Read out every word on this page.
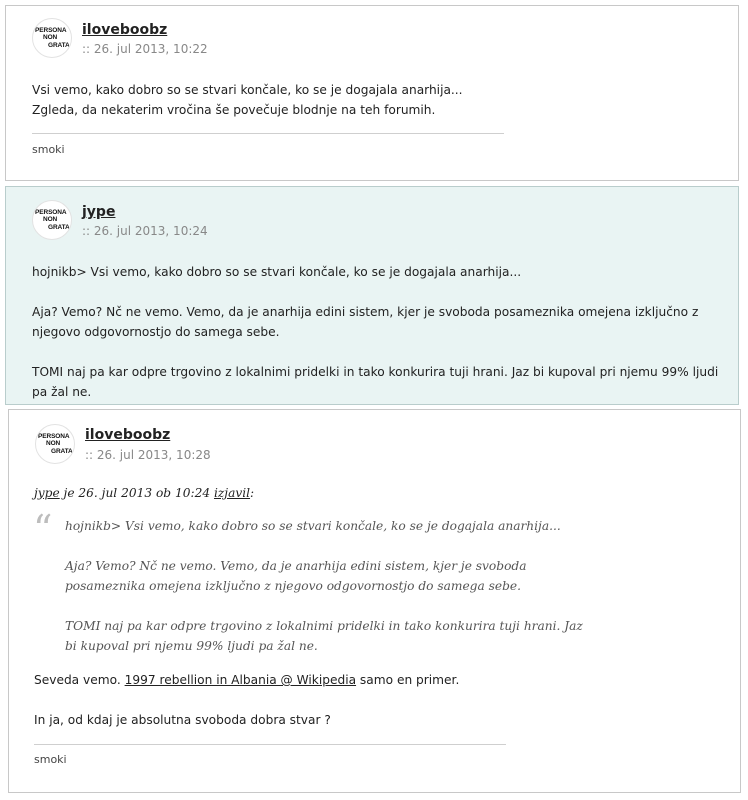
PERSONA
NON
GRATA
iloveboobz
:: 26. jul 2013, 10:22

Vsi vemo, kako dobro so se stvari končale, ko se je dogajala anarhija...

Zgleda, da nekaterim vročina še povečuje blodnje na teh forumih.

smoki
PERSONA
NON
GRATA
jype
:: 26. jul 2013, 10:24

hojnikb> Vsi vemo, kako dobro so se stvari končale, ko se je dogajala anarhija...

Aja? Vemo? Nč ne vemo. Vemo, da je anarhija edini sistem, kjer je svoboda posameznika omejena izključno z njegovo odgovornostjo do samega sebe.

TOMI naj pa kar odpre trgovino z lokalnimi pridelki in tako konkurira tuji hrani. Jaz bi kupoval pri njemu 99% ljudi pa žal ne.

PERSONA
NON
GRATA
iloveboobz
:: 26. jul 2013, 10:28
jype je 26. jul 2013 ob 10:24 izjavil:
“ hojnikb> Vsi vemo, kako dobro so se stvari končale, ko se je dogajala anarhija...

Aja? Vemo? Nč ne vemo. Vemo, da je anarhija edini sistem, kjer je svoboda posameznika omejena izključno z njegovo odgovornostjo do samega sebe.

TOMI naj pa kar odpre trgovino z lokalnimi pridelki in tako konkurira tuji hrani. Jaz bi kupoval pri njemu 99% ljudi pa žal ne.

Seveda vemo. 1997 rebellion in Albania @ Wikipedia samo en primer.

In ja, od kdaj je absolutna svoboda dobra stvar ?

smoki
